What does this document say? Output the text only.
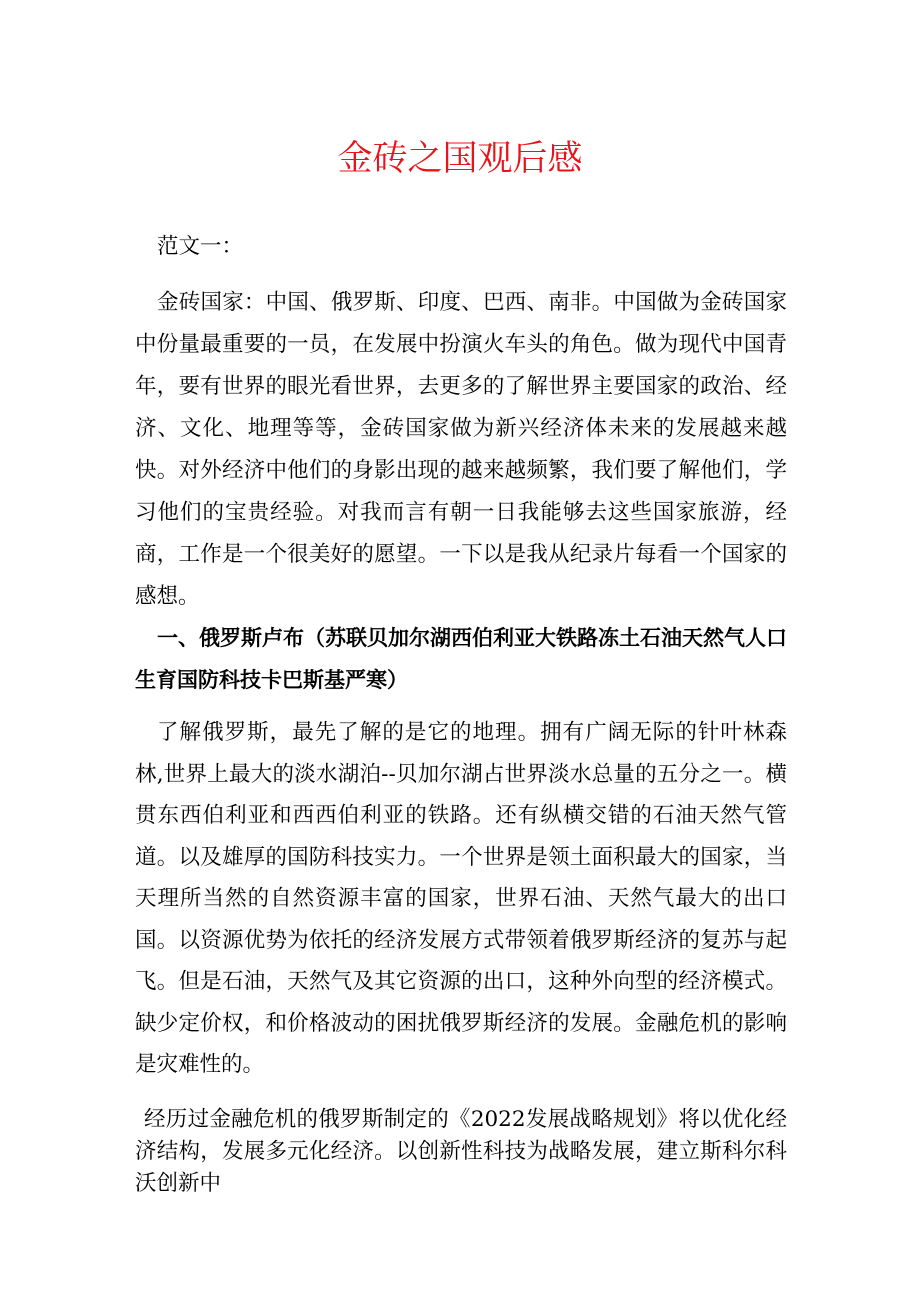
金砖之国观后感

范文一：

金砖国家：中国、俄罗斯、印度、巴西、南非。中国做为金砖国家中份量最重要的一员，在发展中扮演火车头的角色。做为现代中国青年，要有世界的眼光看世界，去更多的了解世界主要国家的政治、经济、文化、地理等等，金砖国家做为新兴经济体未来的发展越来越快。对外经济中他们的身影出现的越来越频繁，我们要了解他们，学习他们的宝贵经验。对我而言有朝一日我能够去这些国家旅游，经商，工作是一个很美好的愿望。一下以是我从纪录片每看一个国家的感想。

一、俄罗斯卢布（苏联贝加尔湖西伯利亚大铁路冻土石油天然气人口生育国防科技卡巴斯基严寒）

了解俄罗斯，最先了解的是它的地理。拥有广阔无际的针叶林森林,世界上最大的淡水湖泊--贝加尔湖占世界淡水总量的五分之一。横贯东西伯利亚和西西伯利亚的铁路。还有纵横交错的石油天然气管道。以及雄厚的国防科技实力。一个世界是领土面积最大的国家，当天理所当然的自然资源丰富的国家，世界石油、天然气最大的出口国。以资源优势为依托的经济发展方式带领着俄罗斯经济的复苏与起飞。但是石油，天然气及其它资源的出口，这种外向型的经济模式。缺少定价权，和价格波动的困扰俄罗斯经济的发展。金融危机的影响是灾难性的。

经历过金融危机的俄罗斯制定的《2022发展战略规划》将以优化经济结构，发展多元化经济。以创新性科技为战略发展，建立斯科尔科沃创新中
